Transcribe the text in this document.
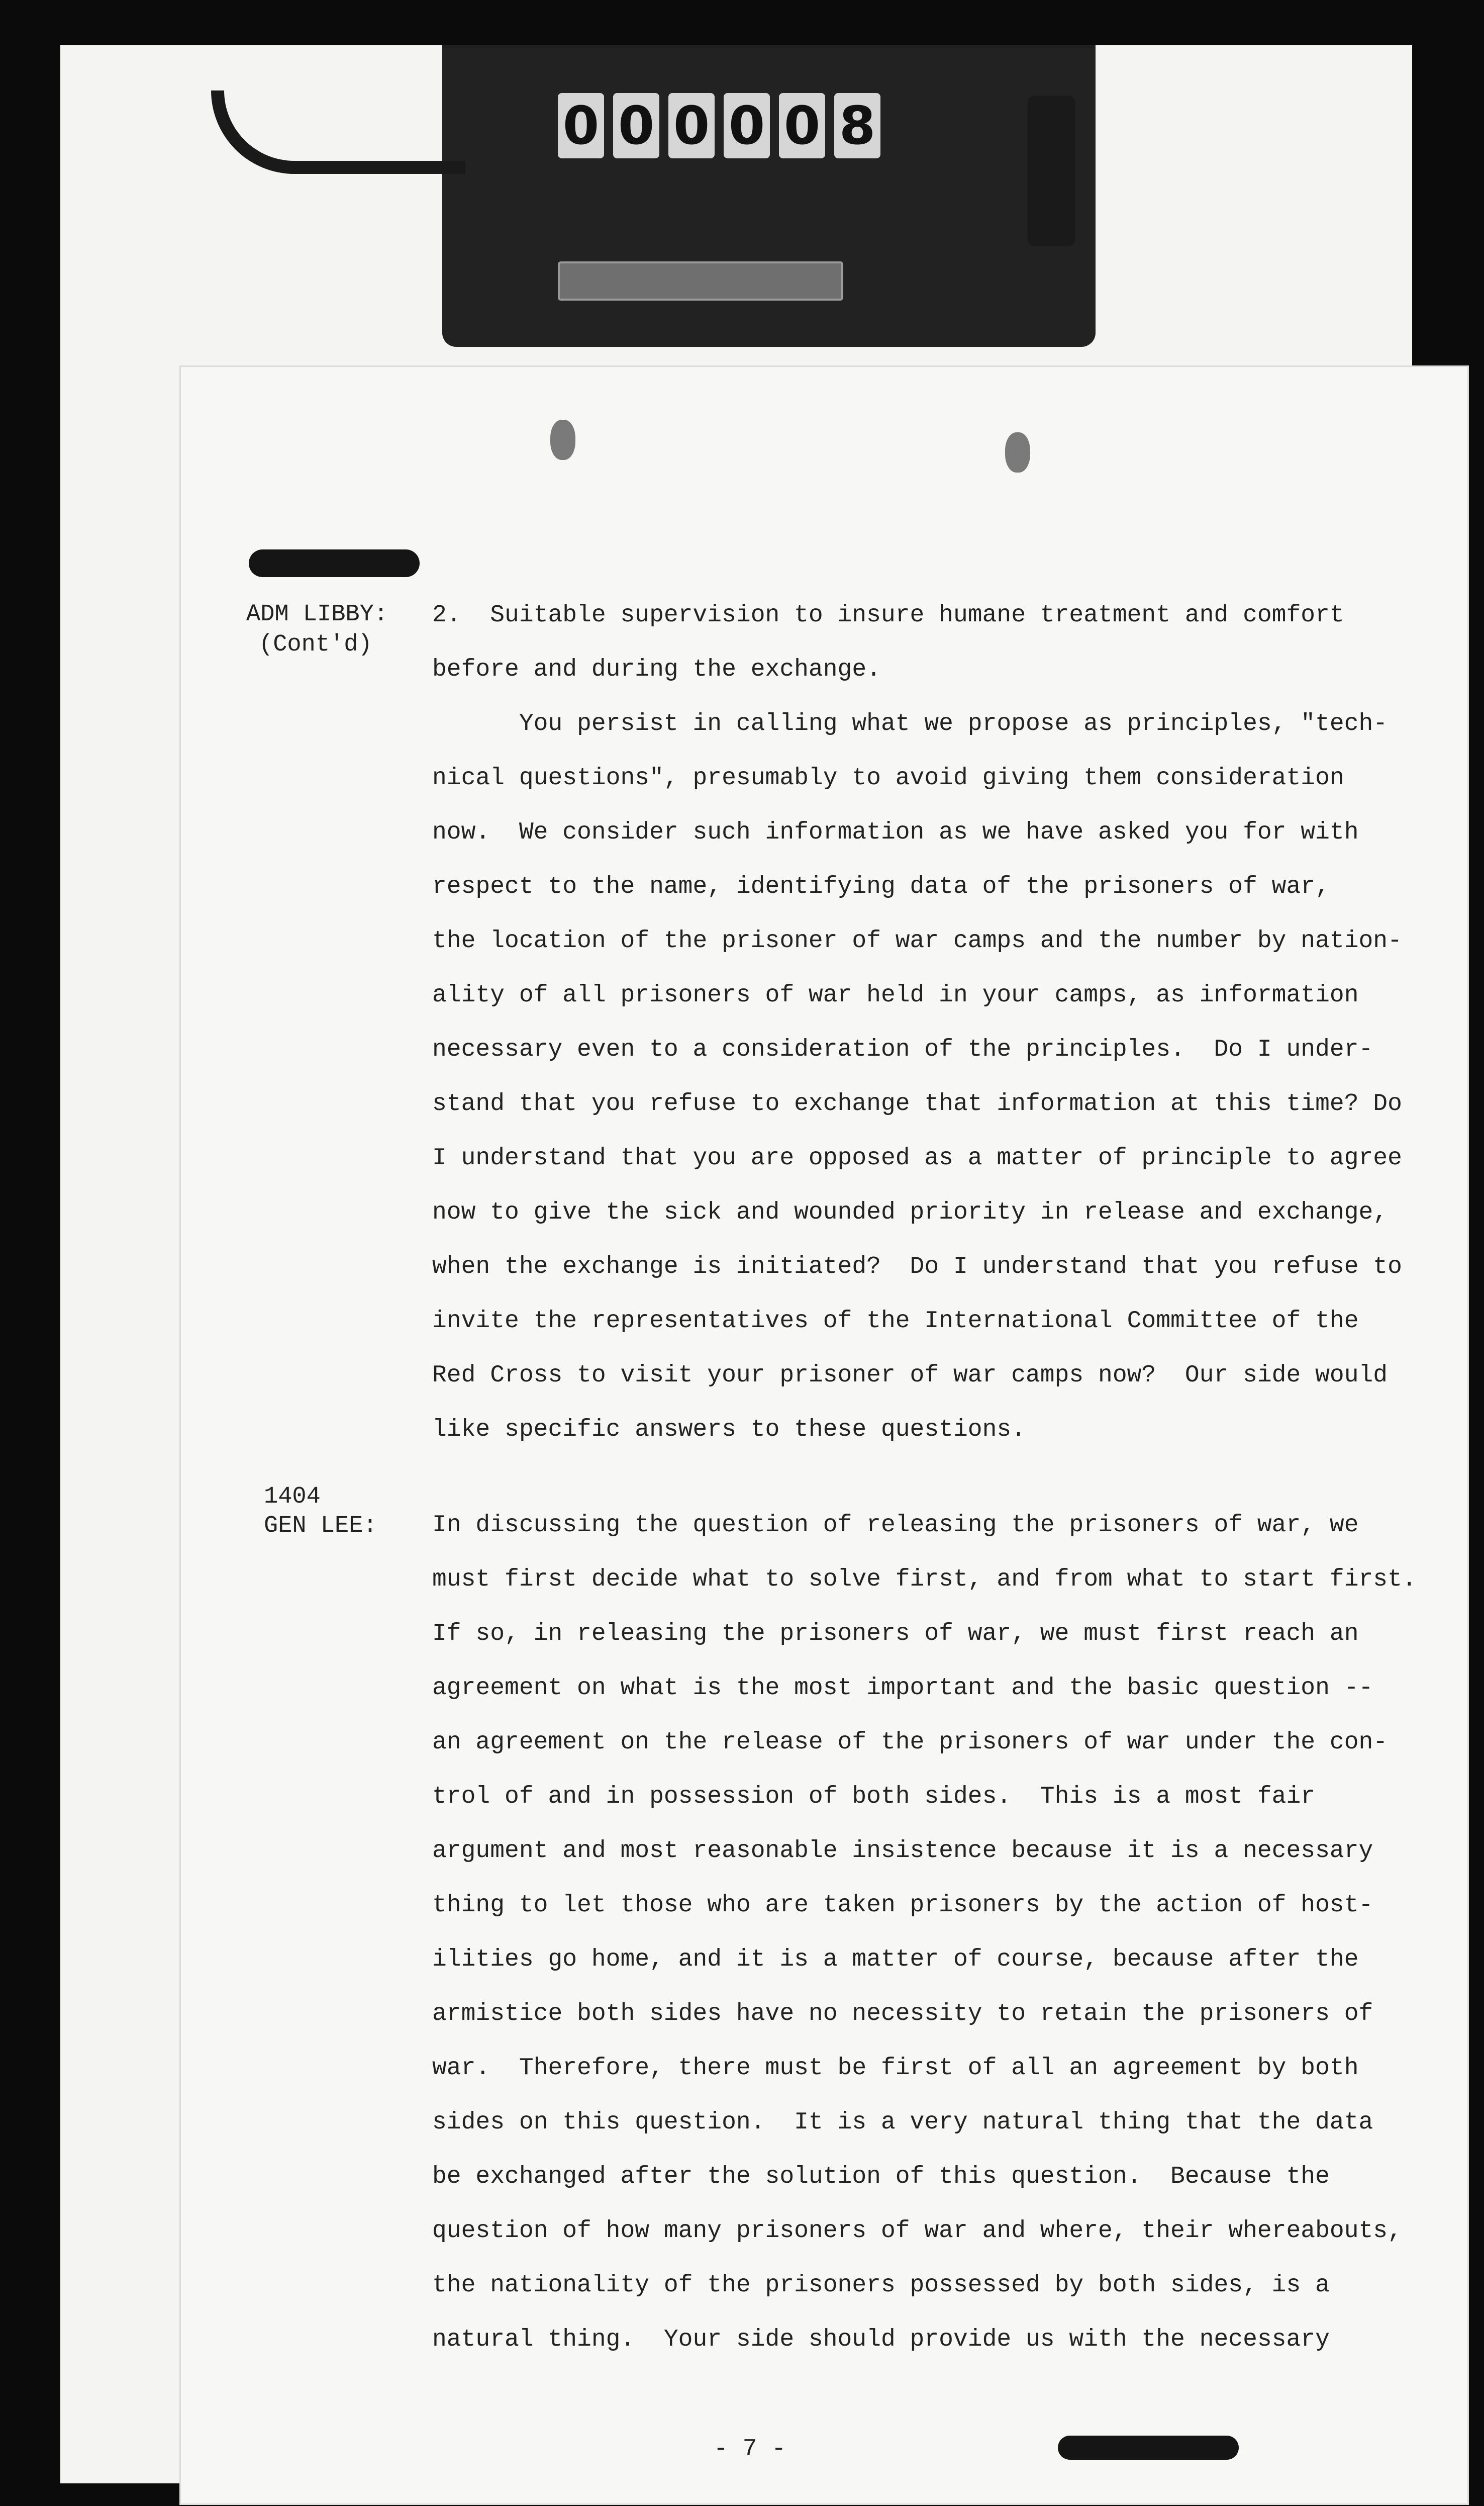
0 0 0 0 0 8
ADM LIBBY:
(Cont'd)
2.  Suitable supervision to insure humane treatment and comfort
before and during the exchange.
You persist in calling what we propose as principles, "tech-
nical questions", presumably to avoid giving them consideration
now.  We consider such information as we have asked you for with
respect to the name, identifying data of the prisoners of war,
the location of the prisoner of war camps and the number by nation-
ality of all prisoners of war held in your camps, as information
necessary even to a consideration of the principles.  Do I under-
stand that you refuse to exchange that information at this time? Do
I understand that you are opposed as a matter of principle to agree
now to give the sick and wounded priority in release and exchange,
when the exchange is initiated?  Do I understand that you refuse to
invite the representatives of the International Committee of the
Red Cross to visit your prisoner of war camps now?  Our side would
like specific answers to these questions.
1404
GEN LEE: In discussing the question of releasing the prisoners of war, we
must first decide what to solve first, and from what to start first.
If so, in releasing the prisoners of war, we must first reach an
agreement on what is the most important and the basic question --
an agreement on the release of the prisoners of war under the con-
trol of and in possession of both sides.  This is a most fair
argument and most reasonable insistence because it is a necessary
thing to let those who are taken prisoners by the action of host-
ilities go home, and it is a matter of course, because after the
armistice both sides have no necessity to retain the prisoners of
war.  Therefore, there must be first of all an agreement by both
sides on this question.  It is a very natural thing that the data
be exchanged after the solution of this question.  Because the
question of how many prisoners of war and where, their whereabouts,
the nationality of the prisoners possessed by both sides, is a
natural thing.  Your side should provide us with the necessary
- 7 -
